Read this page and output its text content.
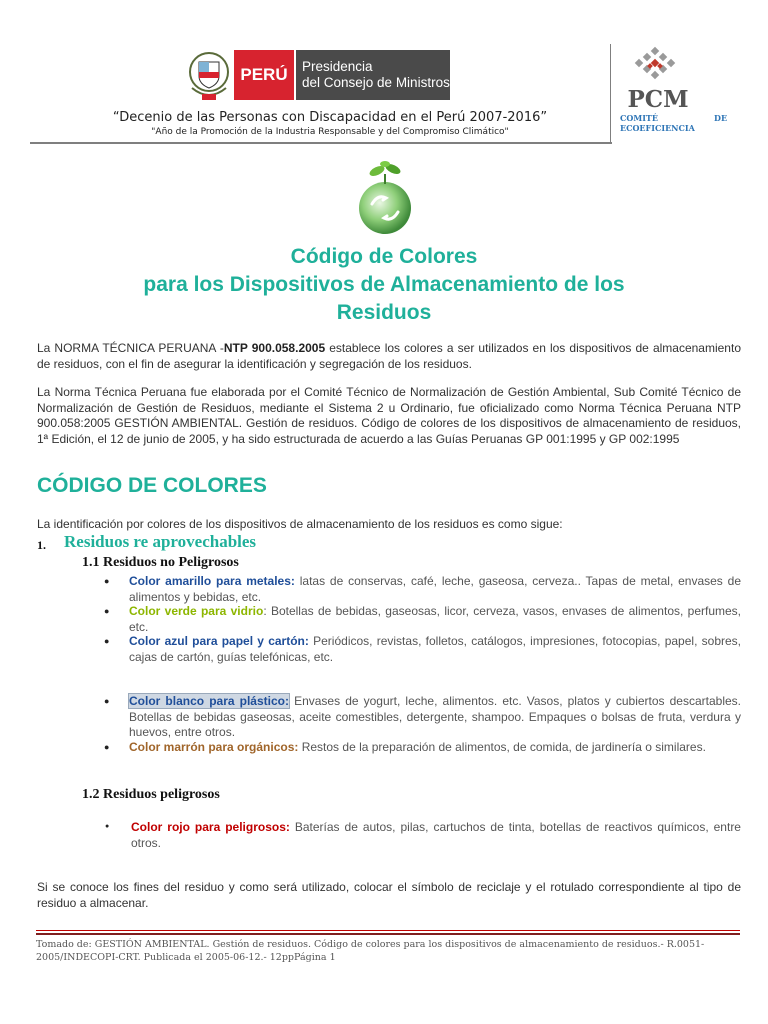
PERÚ Presidencia
del Consejo de Ministros
“Decenio de las Personas con Discapacidad en el Perú 2007-2016”
"Año de la Promoción de la Industria Responsable y del Compromiso Climático"
PCM
COMITÉ
ECOEFICIENCIA
DE
Código de Colores
para los Dispositivos de Almacenamiento de los
Residuos
La NORMA TÉCNICA PERUANA -NTP 900.058.2005 establece los colores a ser utilizados en los dispositivos de almacenamiento de residuos, con el fin de asegurar la identificación y segregación de los residuos.
La Norma Técnica Peruana fue elaborada por el Comité Técnico de Normalización de Gestión Ambiental, Sub Comité Técnico de Normalización de Gestión de Residuos, mediante el Sistema 2 u Ordinario, fue oficializado como Norma Técnica Peruana NTP 900.058:2005 GESTIÓN AMBIENTAL. Gestión de residuos. Código de colores de los dispositivos de almacenamiento de residuos, 1ª Edición, el 12 de junio de 2005, y ha sido estructurada de acuerdo a las Guías Peruanas GP 001:1995 y GP 002:1995
CÓDIGO DE COLORES
La identificación por colores de los dispositivos de almacenamiento de los residuos es como sigue:
1. Residuos re aprovechables
1.1 Residuos no Peligrosos
● Color amarillo para metales: latas de conservas, café, leche, gaseosa, cerveza.. Tapas de metal, envases de alimentos y bebidas, etc.
● Color verde para vidrio: Botellas de bebidas, gaseosas, licor, cerveza, vasos, envases de alimentos, perfumes, etc.
● Color azul para papel y cartón: Periódicos, revistas, folletos, catálogos, impresiones, fotocopias, papel, sobres, cajas de cartón, guías telefónicas, etc.
● Color blanco para plástico: Envases de yogurt, leche, alimentos. etc. Vasos, platos y cubiertos descartables. Botellas de bebidas gaseosas, aceite comestibles, detergente, shampoo. Empaques o bolsas de fruta, verdura y huevos, entre otros.
● Color marrón para orgánicos: Restos de la preparación de alimentos, de comida, de jardinería o similares.
1.2 Residuos peligrosos
● Color rojo para peligrosos: Baterías de autos, pilas, cartuchos de tinta, botellas de reactivos químicos, entre otros.
Si se conoce los fines del residuo y como será utilizado, colocar el símbolo de reciclaje y el rotulado correspondiente al tipo de residuo a almacenar.
Tomado de: GESTIÓN AMBIENTAL. Gestión de residuos. Código de colores para los dispositivos de almacenamiento de residuos.- R.0051-2005/INDECOPI-CRT. Publicada el 2005-06-12.- 12ppPágina 1
